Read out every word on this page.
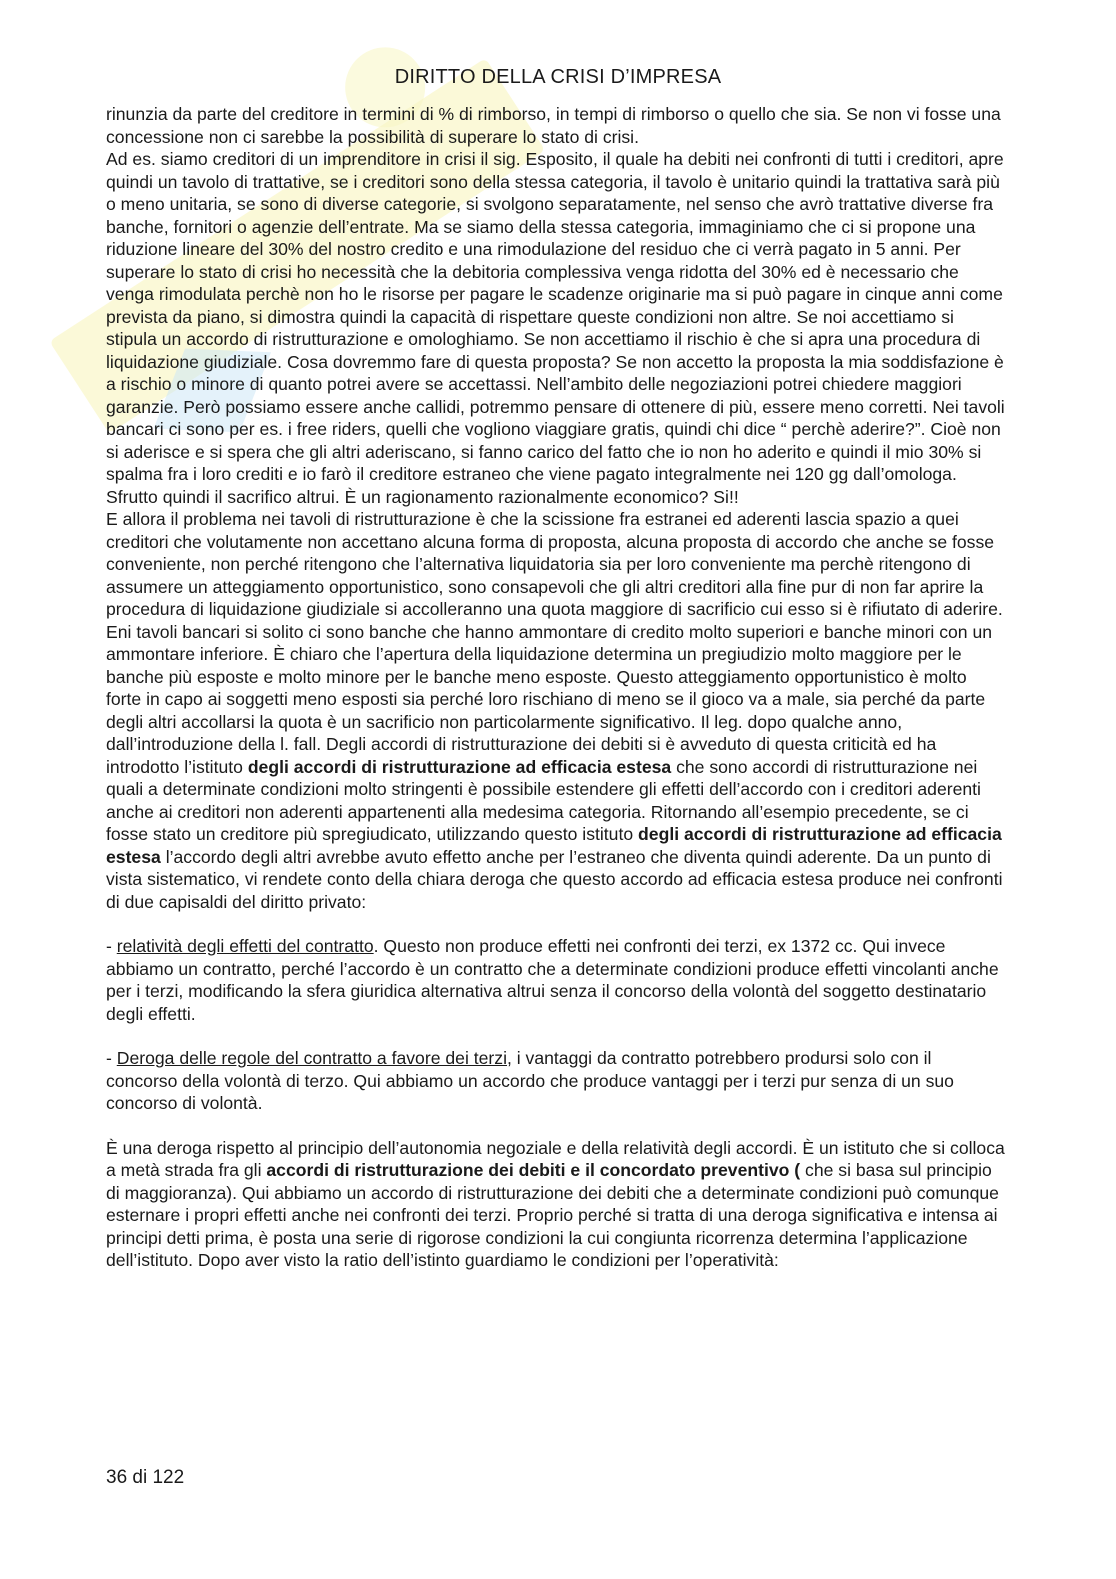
DIRITTO DELLA CRISI D’IMPRESA

rinunzia da parte del creditore in termini di % di rimborso, in tempi di rimborso o quello che sia. Se non vi fosse una concessione non ci sarebbe la possibilità di superare lo stato di crisi.

Ad es. siamo creditori di un imprenditore in crisi il sig. Esposito, il quale ha debiti nei confronti di tutti i creditori, apre quindi un tavolo di trattative, se i creditori sono della stessa categoria, il tavolo è unitario quindi la trattativa sarà più o meno unitaria, se sono di diverse categorie, si svolgono separatamente, nel senso che avrò trattative diverse fra banche, fornitori o agenzie dell’entrate. Ma se siamo della stessa categoria, immaginiamo che ci si propone una riduzione lineare del 30% del nostro credito e una rimodulazione del residuo che ci verrà pagato in 5 anni. Per superare lo stato di crisi ho necessità che la debitoria complessiva venga ridotta del 30% ed è necessario che venga rimodulata perchè non ho le risorse per pagare le scadenze originarie ma si può pagare in cinque anni come prevista da piano, si dimostra quindi la capacità di rispettare queste condizioni non altre. Se noi accettiamo si stipula un accordo di ristrutturazione e omologhiamo. Se non accettiamo il rischio è che si apra una procedura di liquidazione giudiziale. Cosa dovremmo fare di questa proposta? Se non accetto la proposta la mia soddisfazione è a rischio o minore di quanto potrei avere se accettassi. Nell’ambito delle negoziazioni potrei chiedere maggiori garanzie. Però possiamo essere anche callidi, potremmo pensare di ottenere di più, essere meno corretti. Nei tavoli bancari ci sono per es. i free riders, quelli che vogliono viaggiare gratis, quindi chi dice “ perchè aderire?”. Cioè non si aderisce e si spera che gli altri aderiscano, si fanno carico del fatto che io non ho aderito e quindi il mio 30% si spalma fra i loro crediti e io farò il creditore estraneo che viene pagato integralmente nei 120 gg dall’omologa. Sfrutto quindi il sacrifico altrui. È un ragionamento razionalmente economico? Si!!

E allora il problema nei tavoli di ristrutturazione è che la scissione fra estranei ed aderenti lascia spazio a quei creditori che volutamente non accettano alcuna forma di proposta, alcuna proposta di accordo che anche se fosse conveniente, non perché ritengono che l’alternativa liquidatoria sia per loro conveniente ma perchè ritengono di assumere un atteggiamento opportunistico, sono consapevoli che gli altri creditori alla fine pur di non far aprire la procedura di liquidazione giudiziale si accolleranno una quota maggiore di sacrificio cui esso si è rifiutato di aderire. Eni tavoli bancari si solito ci sono banche che hanno ammontare di credito molto superiori e banche minori con un ammontare inferiore. È chiaro che l’apertura della liquidazione determina un pregiudizio molto maggiore per le banche più esposte e molto minore per le banche meno esposte. Questo atteggiamento opportunistico è molto forte in capo ai soggetti meno esposti sia perché loro rischiano di meno se il gioco va a male, sia perché da parte degli altri accollarsi la quota è un sacrificio non particolarmente significativo. Il leg. dopo qualche anno, dall’introduzione della l. fall. Degli accordi di ristrutturazione dei debiti si è avveduto di questa criticità ed ha introdotto l’istituto degli accordi di ristrutturazione ad efficacia estesa che sono accordi di ristrutturazione nei quali a determinate condizioni molto stringenti è possibile estendere gli effetti dell’accordo con i creditori aderenti anche ai creditori non aderenti appartenenti alla medesima categoria. Ritornando all’esempio precedente, se ci fosse stato un creditore più spregiudicato, utilizzando questo istituto degli accordi di ristrutturazione ad efficacia estesa l’accordo degli altri avrebbe avuto effetto anche per l’estraneo che diventa quindi aderente. Da un punto di vista sistematico, vi rendete conto della chiara deroga che questo accordo ad efficacia estesa produce nei confronti di due capisaldi del diritto privato:

- relatività degli effetti del contratto. Questo non produce effetti nei confronti dei terzi, ex 1372 cc. Qui invece abbiamo un contratto, perché l’accordo è un contratto che a determinate condizioni produce effetti vincolanti anche per i terzi, modificando la sfera giuridica alternativa altrui senza il concorso della volontà del soggetto destinatario degli effetti.

- Deroga delle regole del contratto a favore dei terzi, i vantaggi da contratto potrebbero prodursi solo con il concorso della volontà di terzo. Qui abbiamo un accordo che produce vantaggi per i terzi pur senza di un suo concorso di volontà.

È una deroga rispetto al principio dell’autonomia negoziale e della relatività degli accordi. È un istituto che si colloca a metà strada fra gli accordi di ristrutturazione dei debiti e il concordato preventivo ( che si basa sul principio di maggioranza). Qui abbiamo un accordo di ristrutturazione dei debiti che a determinate condizioni può comunque esternare i propri effetti anche nei confronti dei terzi. Proprio perché si tratta di una deroga significativa e intensa ai principi detti prima, è posta una serie di rigorose condizioni la cui congiunta ricorrenza determina l’applicazione dell’istituto. Dopo aver visto la ratio dell’istinto guardiamo le condizioni per l’operatività:

36 di 122
